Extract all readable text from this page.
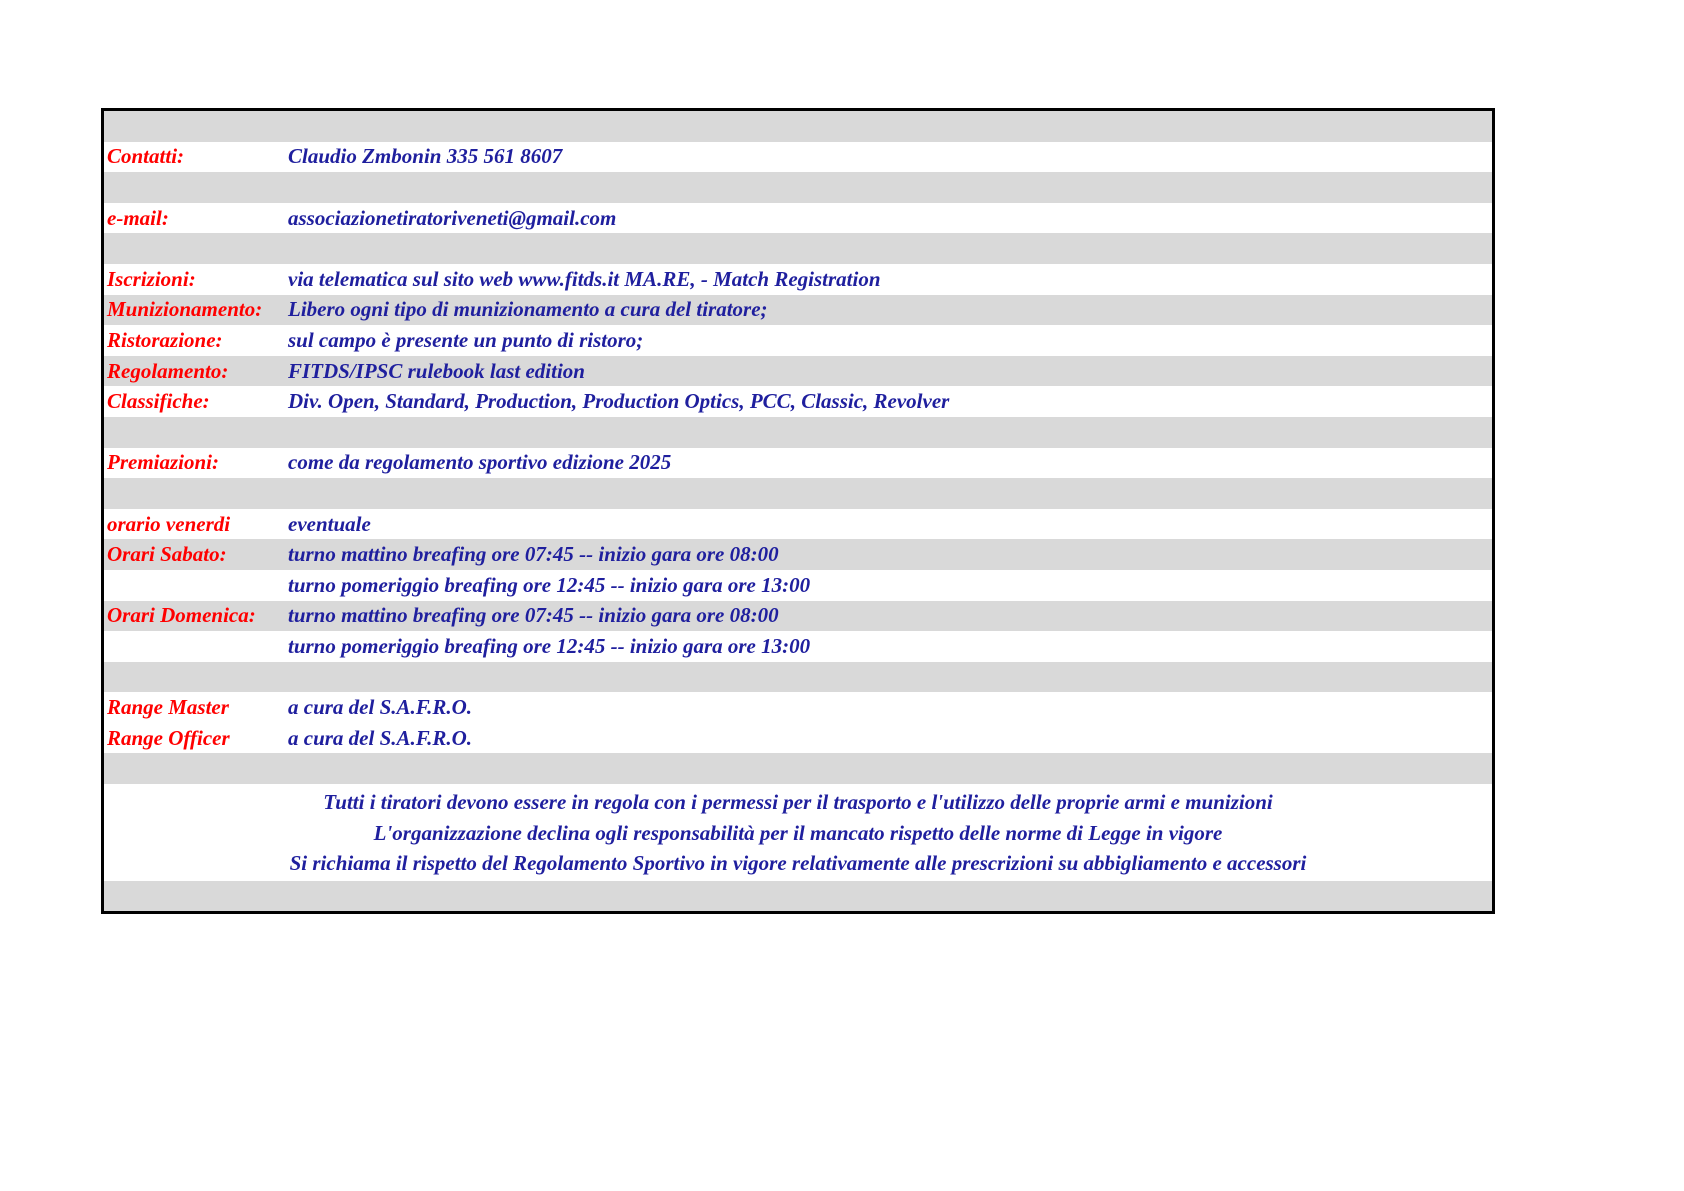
Contatti:	Claudio Zmbonin 335 561 8607
e-mail:	associazionetiratoriveneti@gmail.com
Iscrizioni:	via telematica sul sito web www.fitds.it MA.RE, - Match Registration
Munizionamento:	Libero ogni tipo di munizionamento a cura del tiratore;
Ristorazione:	sul campo è presente un punto di ristoro;
Regolamento:	FITDS/IPSC rulebook last edition
Classifiche:	Div. Open, Standard, Production, Production Optics, PCC, Classic, Revolver
Premiazioni:	come da regolamento sportivo edizione 2025
orario venerdi	eventuale
Orari Sabato:	turno mattino breafing ore 07:45 -- inizio gara ore 08:00
turno pomeriggio breafing ore 12:45 -- inizio gara ore 13:00
Orari Domenica:	turno mattino breafing ore 07:45 -- inizio gara ore 08:00
turno pomeriggio breafing ore 12:45 -- inizio gara ore 13:00
Range Master	a cura del S.A.F.R.O.
Range Officer	a cura del S.A.F.R.O.
Tutti i tiratori devono essere in regola con i permessi per il trasporto e l'utilizzo delle proprie armi e munizioni
L'organizzazione declina ogli responsabilità per il mancato rispetto delle norme di Legge in vigore
Si richiama il rispetto del Regolamento Sportivo in vigore relativamente alle prescrizioni su abbigliamento e accessori
